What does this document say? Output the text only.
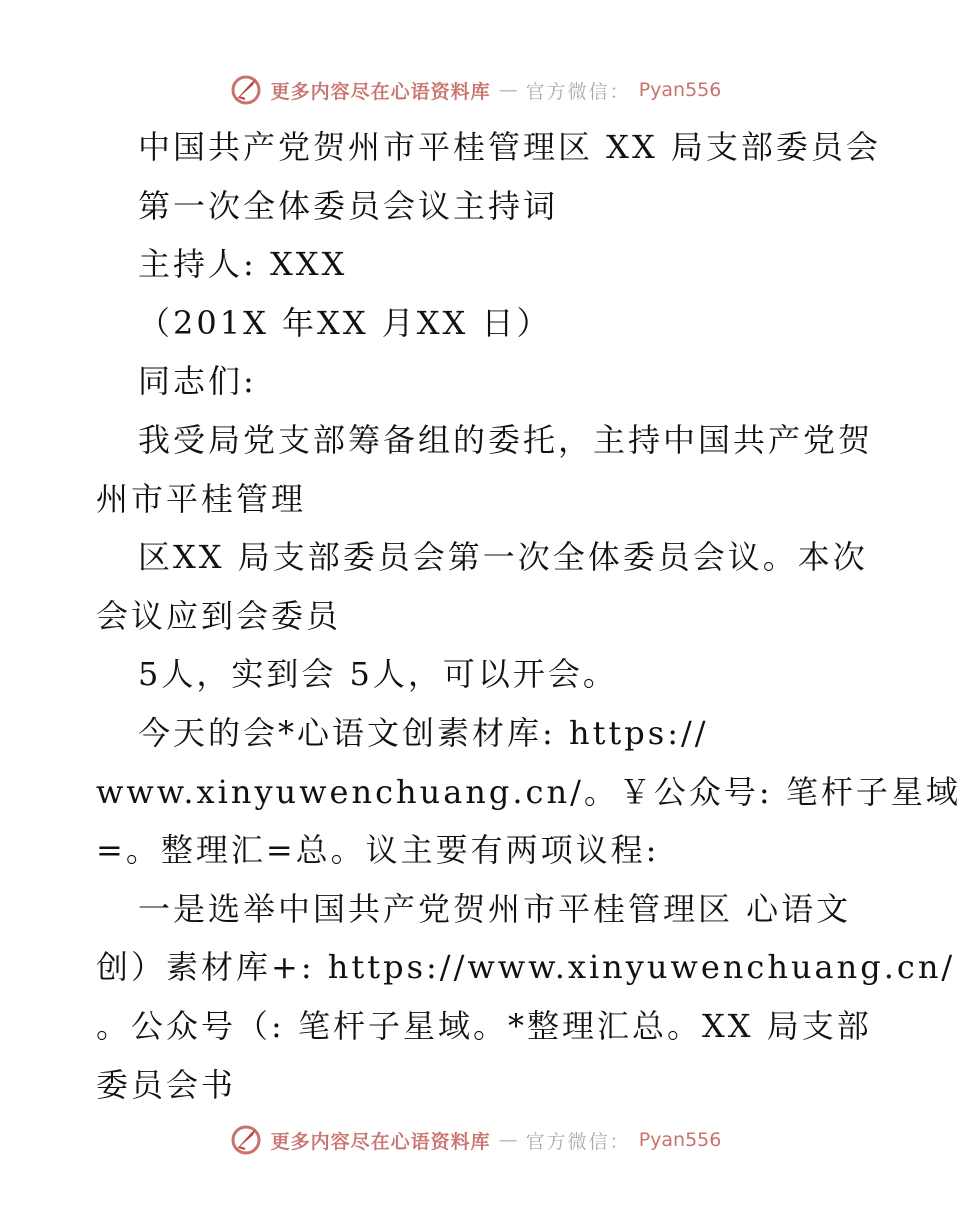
更多内容尽在心语资料库 — 官方微信： Pyan556
中国共产党贺州市平桂管理区 XX 局支部委员会
第一次全体委员会议主持词
主持人: XXX
（201X 年XX 月XX 日）
同志们:
我受局党支部筹备组的委托，主持中国共产党贺
州市平桂管理
区XX 局支部委员会第一次全体委员会议。本次
会议应到会委员
5人，实到会 5人，可以开会。
今天的会*心语文创素材库: https://
www.xinyuwenchuang.cn/。￥公众号: 笔杆子星域
=。整理汇=总。议主要有两项议程:
一是选举中国共产党贺州市平桂管理区 心语文
创）素材库+: https://www.xinyuwenchuang.cn/
。公众号（: 笔杆子星域。*整理汇总。XX 局支部
委员会书
更多内容尽在心语资料库 — 官方微信： Pyan556
